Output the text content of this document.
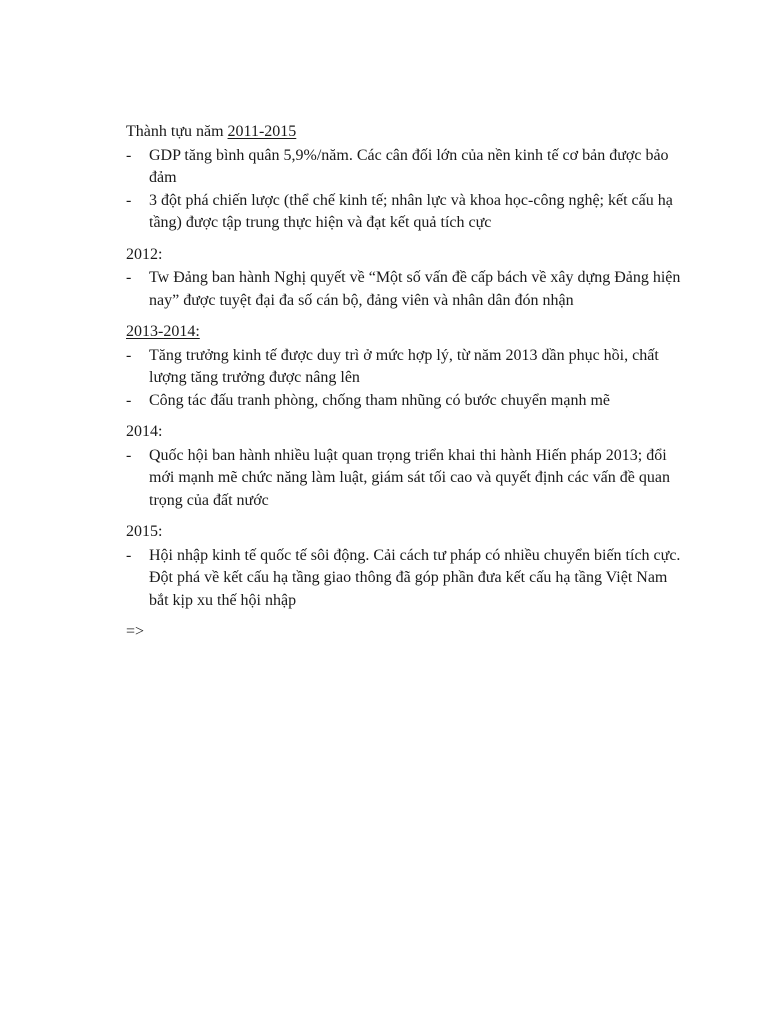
Thành tựu năm 2011-2015

- GDP tăng bình quân 5,9%/năm. Các cân đối lớn của nền kinh tế cơ bản được bảo đảm
- 3 đột phá chiến lược (thể chế kinh tế; nhân lực và khoa học-công nghệ; kết cấu hạ tầng) được tập trung thực hiện và đạt kết quả tích cực

2012:

- Tw Đảng ban hành Nghị quyết về “Một số vấn đề cấp bách về xây dựng Đảng hiện nay” được tuyệt đại đa số cán bộ, đảng viên và nhân dân đón nhận

2013-2014:

- Tăng trưởng kinh tế được duy trì ở mức hợp lý, từ năm 2013 dần phục hồi, chất lượng tăng trưởng được nâng lên
- Công tác đấu tranh phòng, chống tham nhũng có bước chuyển mạnh mẽ

2014:

- Quốc hội ban hành nhiều luật quan trọng triển khai thi hành Hiến pháp 2013; đổi mới mạnh mẽ chức năng làm luật, giám sát tối cao và quyết định các vấn đề quan trọng của đất nước

2015:

- Hội nhập kinh tế quốc tế sôi động. Cải cách tư pháp có nhiều chuyển biến tích cực. Đột phá về kết cấu hạ tầng giao thông đã góp phần đưa kết cấu hạ tầng Việt Nam bắt kịp xu thế hội nhập

=>
